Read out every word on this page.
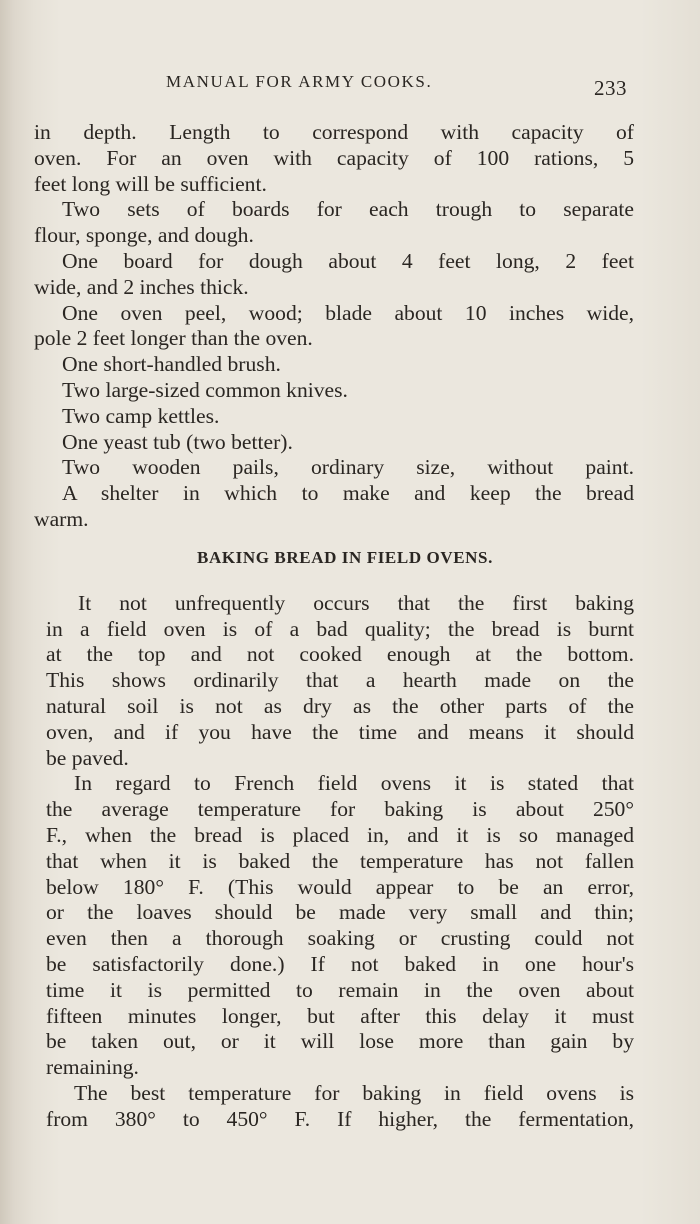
MANUAL FOR ARMY COOKS.	233
in depth. Length to correspond with capacity of
oven. For an oven with capacity of 100 rations, 5
feet long will be sufficient.
Two sets of boards for each trough to separate
flour, sponge, and dough.
One board for dough about 4 feet long, 2 feet
wide, and 2 inches thick.
One oven peel, wood; blade about 10 inches wide,
pole 2 feet longer than the oven.
One short-handled brush.
Two large-sized common knives.
Two camp kettles.
One yeast tub (two better).
Two wooden pails, ordinary size, without paint.
A shelter in which to make and keep the bread
warm.
BAKING BREAD IN FIELD OVENS.
It not unfrequently occurs that the first baking
in a field oven is of a bad quality; the bread is burnt
at the top and not cooked enough at the bottom.
This shows ordinarily that a hearth made on the
natural soil is not as dry as the other parts of the
oven, and if you have the time and means it should
be paved.
In regard to French field ovens it is stated that
the average temperature for baking is about 250°
F., when the bread is placed in, and it is so managed
that when it is baked the temperature has not fallen
below 180° F. (This would appear to be an error,
or the loaves should be made very small and thin;
even then a thorough soaking or crusting could not
be satisfactorily done.) If not baked in one hour's
time it is permitted to remain in the oven about
fifteen minutes longer, but after this delay it must
be taken out, or it will lose more than gain by
remaining.
The best temperature for baking in field ovens is
from 380° to 450° F. If higher, the fermentation,
